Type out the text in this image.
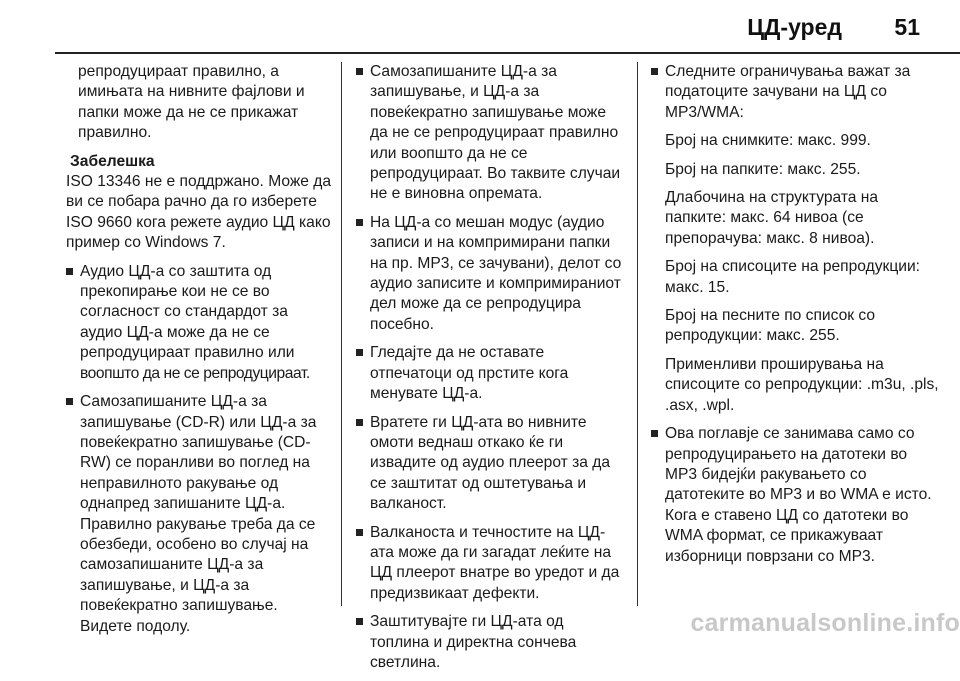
ЦД-уред 51

репродуцираат правилно, а имињата на нивните фајлови и папки може да не се прикажат правилно.

Забелешка

ISO 13346 не е поддржано. Може да ви се побара рачно да го изберете ISO 9660 кога режете аудио ЦД како пример со Windows 7.

Аудио ЦД-а со заштита од прекопирање кои не се во согласност со стандардот за аудио ЦД-а може да не се репродуцираат правилно или
воопшто да не се репродуцираат.
Самозапишаните ЦД-а за запишување (CD-R) или ЦД-а за повеќекратно запишување (CD-RW) се поранливи во поглед на неправилното ракување од однапред запишаните ЦД-а. Правилно ракување треба да се обезбеди, особено во случај на самозапишаните ЦД-а за запишување, и ЦД-а за повеќекратно запишување. Видете подолу.
Самозапишаните ЦД-а за запишување, и ЦД-а за повеќекратно запишување може да не се репродуцираат правилно или воопшто да не се репродуцираат. Во таквите случаи не е виновна опремата.
На ЦД-а со мешан модус (аудио записи и на компримирани папки на пр. MP3, се зачувани), делот со аудио записите и компримираниот дел може да се репродуцира посебно.
Гледајте да не оставате отпечатоци од прстите кога менувате ЦД-а.
Вратете ги ЦД-ата во нивните омоти веднаш откако ќе ги извадите од аудио плеерот за да се заштитат од оштетувања и валканост.
Валканоста и течностите на ЦД-ата може да ги загадат леќите на ЦД плеерот внатре во уредот и да предизвикаат дефекти.
Заштитувајте ги ЦД-ата од топлина и директна сончева светлина.
Следните ограничувања важат за податоците зачувани на ЦД со MP3/WMA:

Број на снимките: макс. 999.

Број на папките: макс. 255.

Длабочина на структурата на папките: макс. 64 нивоа (се препорачува: макс. 8 нивоа).

Број на списоците на репродукции: макс. 15.

Број на песните по список со репродукции: макс. 255.

Применливи проширувања на списоците со репродукции: .m3u, .pls, .asx, .wpl.

Ова поглавје се занимава само со репродуцирањето на датотеки во MP3 бидејќи ракувањето со датотеките во MP3 и во WMA е исто. Кога е ставено ЦД со датотеки во WMA формат, се прикажуваат изборници поврзани со MP3.
carmanualsonline.info
